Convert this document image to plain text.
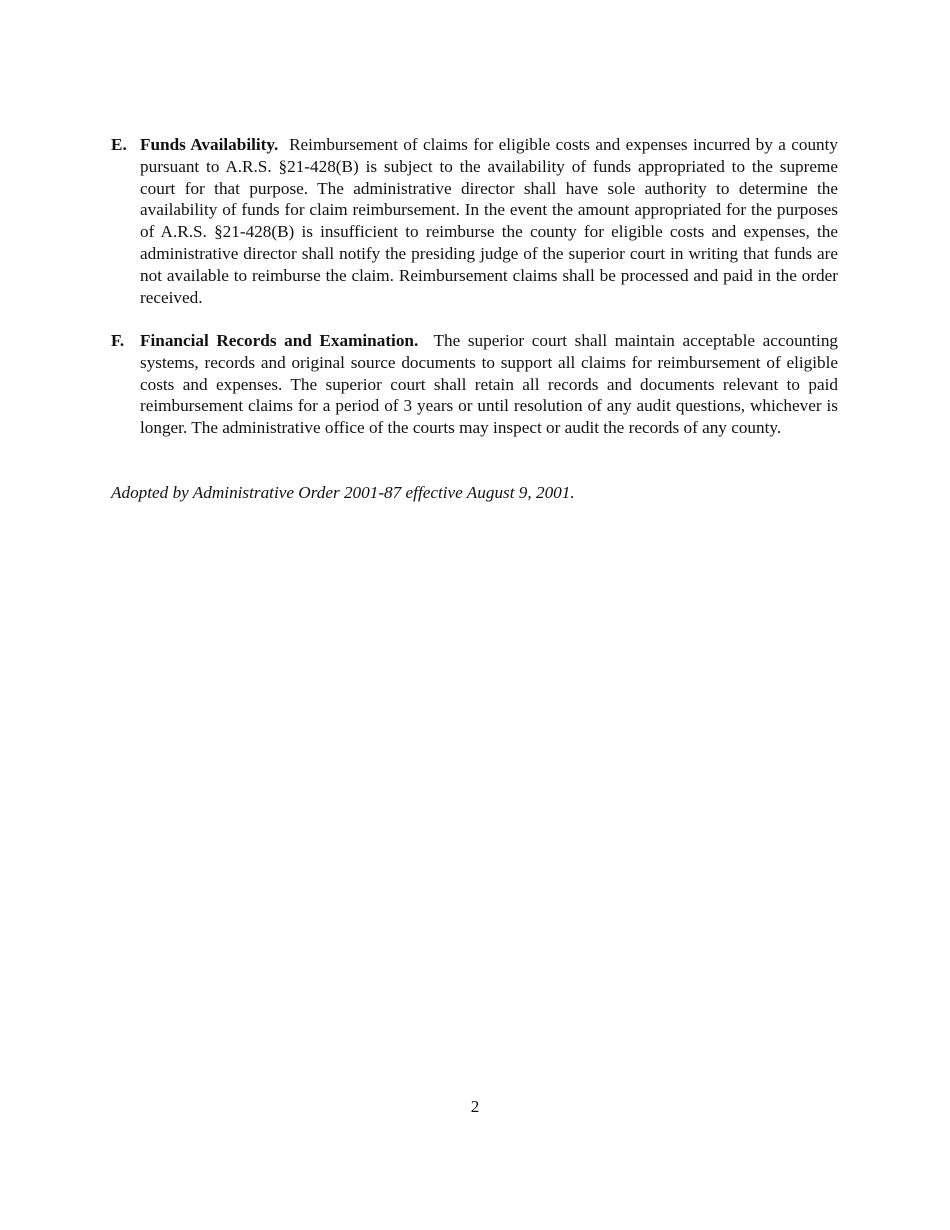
E. Funds Availability. Reimbursement of claims for eligible costs and expenses incurred by a county pursuant to A.R.S. §21-428(B) is subject to the availability of funds appropriated to the supreme court for that purpose. The administrative director shall have sole authority to determine the availability of funds for claim reimbursement. In the event the amount appropriated for the purposes of A.R.S. §21-428(B) is insufficient to reimburse the county for eligible costs and expenses, the administrative director shall notify the presiding judge of the superior court in writing that funds are not available to reimburse the claim. Reimbursement claims shall be processed and paid in the order received.
F. Financial Records and Examination. The superior court shall maintain acceptable accounting systems, records and original source documents to support all claims for reimbursement of eligible costs and expenses. The superior court shall retain all records and documents relevant to paid reimbursement claims for a period of 3 years or until resolution of any audit questions, whichever is longer. The administrative office of the courts may inspect or audit the records of any county.
Adopted by Administrative Order 2001-87 effective August 9, 2001.
2
